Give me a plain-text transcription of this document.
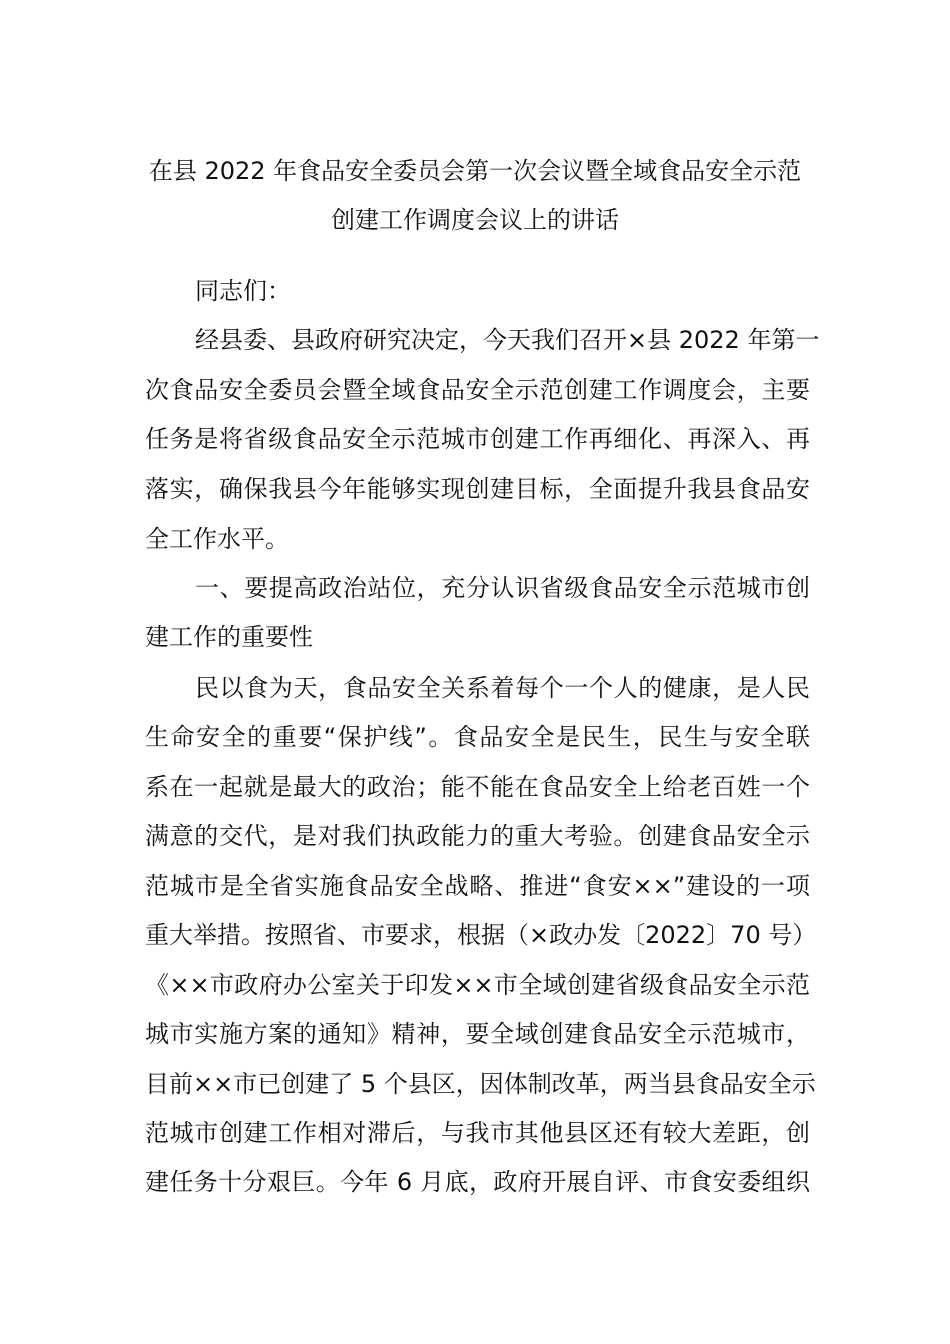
在县 2022 年食品安全委员会第一次会议暨全域食品安全示范
创建工作调度会议上的讲话
同志们：
经县委、县政府研究决定，今天我们召开×县 2022 年第一
次食品安全委员会暨全域食品安全示范创建工作调度会，主要
任务是将省级食品安全示范城市创建工作再细化、再深入、再
落实，确保我县今年能够实现创建目标，全面提升我县食品安
全工作水平。
一、要提高政治站位，充分认识省级食品安全示范城市创
建工作的重要性
民以食为天，食品安全关系着每个一个人的健康，是人民
生命安全的重要“保护线”。食品安全是民生，民生与安全联
系在一起就是最大的政治；能不能在食品安全上给老百姓一个
满意的交代，是对我们执政能力的重大考验。创建食品安全示
范城市是全省实施食品安全战略、推进“食安××”建设的一项
重大举措。按照省、市要求，根据（×政办发〔2022〕70 号）
《××市政府办公室关于印发××市全域创建省级食品安全示范
城市实施方案的通知》精神，要全域创建食品安全示范城市，
目前××市已创建了 5 个县区，因体制改革，两当县食品安全示
范城市创建工作相对滞后，与我市其他县区还有较大差距，创
建任务十分艰巨。今年 6 月底，政府开展自评、市食安委组织
